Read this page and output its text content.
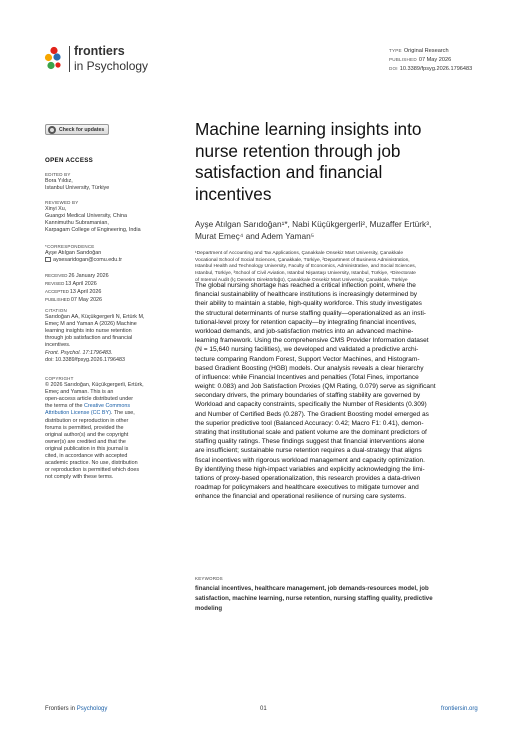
frontiers
in Psychology
TYPE Original Research
PUBLISHED 07 May 2026
DOI 10.3389/fpsyg.2026.1796483
Check for updates
OPEN ACCESS
EDITED BY
Bora Yıldız,
Istanbul University, Türkiye
REVIEWED BY
Xinyi Xu,
Guangxi Medical University, China
Kannimuthu Subramanian,
Karpagam College of Engineering, India
*CORRESPONDENCE
Ayşe Atılgan Sarıdoğan
aysesaridogan@comu.edu.tr
RECEIVED26 January 2026
REVISED13 April 2026
ACCEPTED13 April 2026
PUBLISHED07 May 2026
CITATION
Sarıdoğan AA, Küçükgergerli N, Ertürk M,
Emeç M and Yaman A (2026) Machine
learning insights into nurse retention
through job satisfaction and financial
incentives.
Front. Psychol. 17:1796483.
doi: 10.3389/fpsyg.2026.1796483
COPYRIGHT
© 2026 Sarıdoğan, Küçükgergerli, Ertürk,
Emeç and Yaman. This is an
open-access article distributed under
the terms of the Creative Commons
Attribution License (CC BY). The use,
distribution or reproduction in other
forums is permitted, provided the
original author(s) and the copyright
owner(s) are credited and that the
original publication in this journal is
cited, in accordance with accepted
academic practice. No use, distribution
or reproduction is permitted which does
not comply with these terms.
Machine learning insights into
nurse retention through job
satisfaction and financial
incentives
Ayşe Atılgan Sarıdoğan¹*, Nabi Küçükgergerli², Muzaffer Ertürk³,
Murat Emeç⁴ and Adem Yaman⁵
¹Department of Accounting and Tax Applications, Çanakkale Onsekiz Mart University, Çanakkale
Vocational School of Social Sciences, Çanakkale, Türkiye, ²Department of Business Administration,
Istanbul Health and Technology University, Faculty of Economics, Administrative, and Social Sciences,
Istanbul, Türkiye, ³School of Civil Aviation, Istanbul Nişantaşı University, Istanbul, Türkiye, ⁴Directorate
of Internal Audit (İç Denetim Direktörlüğü), Çanakkale Onsekiz Mart University, Çanakkale, Türkiye
The global nursing shortage has reached a critical inflection point, where the
financial sustainability of healthcare institutions is increasingly determined by
their ability to maintain a stable, high-quality workforce. This study investigates
the structural determinants of nurse staffing quality—operationalized as an insti-
tutional-level proxy for retention capacity—by integrating financial incentives,
workload demands, and job-satisfaction metrics into an advanced machine-
learning framework. Using the comprehensive CMS Provider Information dataset
(N = 15,640 nursing facilities), we developed and validated a predictive archi-
tecture comparing Random Forest, Support Vector Machines, and Histogram-
based Gradient Boosting (HGB) models. Our analysis reveals a clear hierarchy
of influence: while Financial Incentives and penalties (Total Fines, importance
weight: 0.083) and Job Satisfaction Proxies (QM Rating, 0.079) serve as significant
secondary drivers, the primary boundaries of staffing stability are governed by
Workload and capacity constraints, specifically the Number of Residents (0.309)
and Number of Certified Beds (0.287). The Gradient Boosting model emerged as
the superior predictive tool (Balanced Accuracy: 0.42; Macro F1: 0.41), demon-
strating that institutional scale and patient volume are the dominant predictors of
staffing quality ratings. These findings suggest that financial interventions alone
are insufficient; sustainable nurse retention requires a dual-strategy that aligns
fiscal incentives with rigorous workload management and capacity optimization.
By identifying these high-impact variables and explicitly acknowledging the limi-
tations of proxy-based operationalization, this research provides a data-driven
roadmap for policymakers and healthcare executives to mitigate turnover and
enhance the financial and operational resilience of nursing care systems.
KEYWORDS
financial incentives, healthcare management, job demands-resources model, job
satisfaction, machine learning, nurse retention, nursing staffing quality, predictive
modeling
Frontiers in Psychology	01	frontiersin.org
